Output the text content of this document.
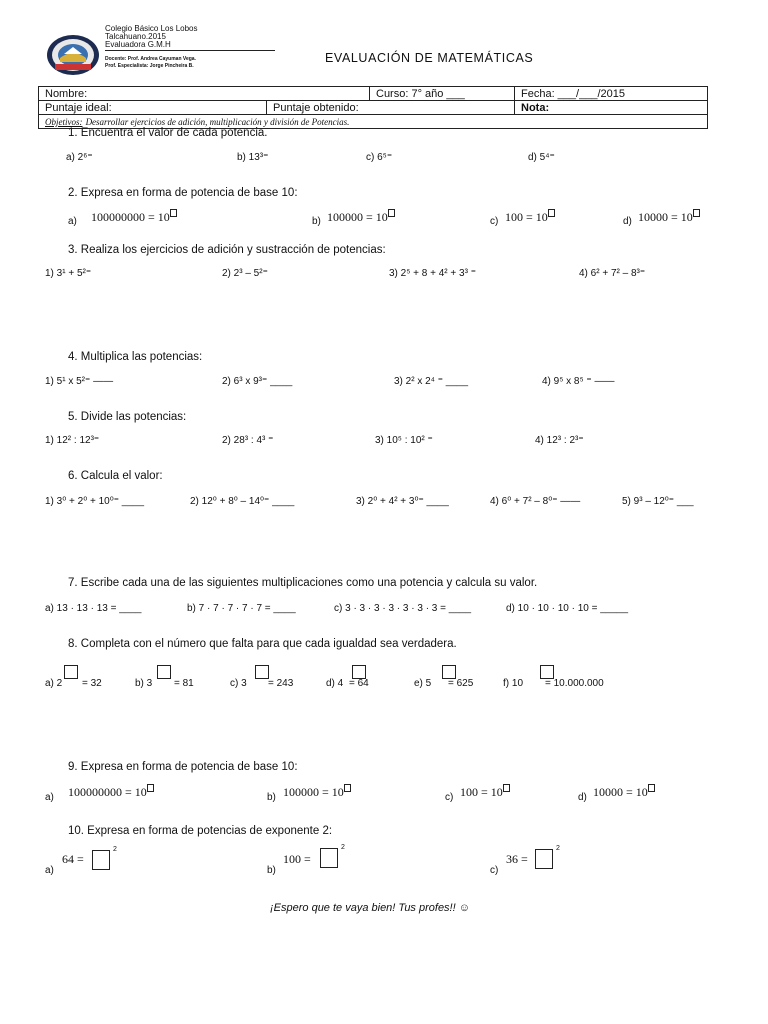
Colegio Básico Los Lobos
Talcahuano.2015
Evaluadora G.M.H
Docente: Prof. Andrea Cayuman Vega.
Prof. Especialista: Jorge Pincheira B.
EVALUACIÓN DE MATEMÁTICAS
Nombre:		Curso: 7° año ___	Fecha: ___/___/2015
Puntaje ideal:	Puntaje obtenido:		Nota:
Objetivos: Desarrollar ejercicios de adición, multiplicación y división de Potencias.			
1. Encuentra el valor de cada potencia.
a) 2⁶⁼	b) 13³⁼	c) 6⁵⁼	d) 5⁴⁼
2. Expresa en forma de potencia de base 10:
a) 100000000 = 10	b) 100000 = 10	c) 100 = 10	d) 10000 = 10
3. Realiza los ejercicios de adición y sustracción de potencias:
1) 3¹ + 5²⁼	2) 2³ – 5²⁼	3) 2⁵ + 8 + 4² + 3³ ⁼	4) 6² + 7² – 8³⁼
4. Multiplica las potencias:
1) 5¹ x 5²⁼ ——	2) 6³ x 9³⁼ ____	3) 2² x 2⁴ ⁼ ____	4) 9⁵ x 8⁵ ⁼ ——
5. Divide las potencias:
1) 12² : 12³⁼	2) 28³ : 4³ ⁼	3) 10⁵ : 10² ⁼	4) 12³ : 2³⁼
6. Calcula el valor:
1) 3⁰ + 2⁰ + 10⁰⁼ ____	2) 12⁰ + 8⁰ – 14⁰⁼ ____	3) 2⁰ + 4² + 3⁰⁼ ____	4) 6⁰ + 7² – 8⁰⁼ ——	5) 9³ – 12⁰⁼ ___
7. Escribe cada una de las siguientes multiplicaciones como una potencia y calcula su valor.
a) 13 · 13 · 13 = ____	b) 7 · 7 · 7 · 7 · 7 = ____	c) 3 · 3 · 3 · 3 · 3 · 3 · 3 = ____	d) 10 · 10 · 10 · 10 = _____
8. Completa con el número que falta para que cada igualdad sea verdadera.
a) 2 = 32	b) 3 = 81	c) 3 = 243	d) 4 = 64	e) 5 = 625	f) 10 = 10.000.000
9. Expresa en forma de potencia de base 10:
a) 100000000 = 10	b) 100000 = 10	c) 100 = 10	d) 10000 = 10
10. Expresa en forma de potencias de exponente 2:
a)
64 =
2
b)
100 =
2
c)
36 =
2
¡Espero que te vaya bien! Tus profes!! ☺
